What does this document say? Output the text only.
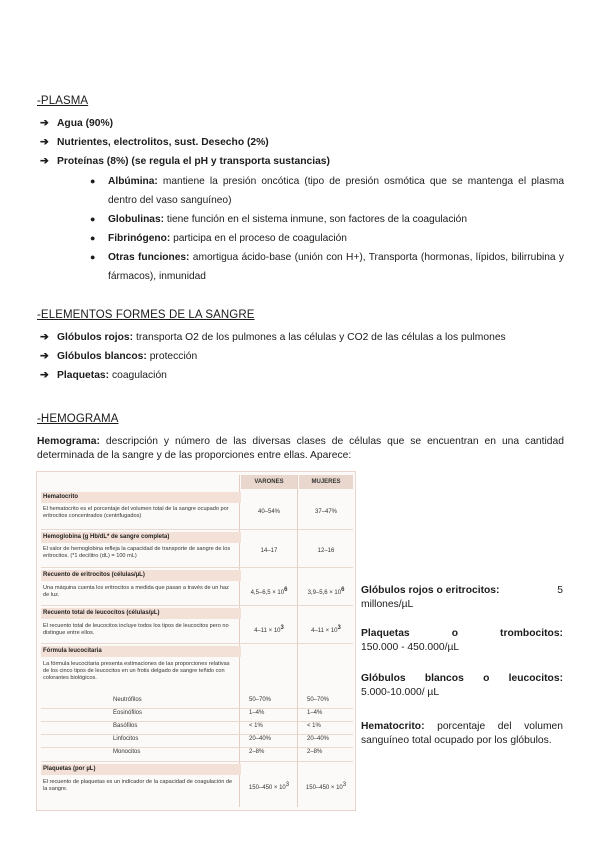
-PLASMA
➔ Agua (90%)
➔ Nutrientes, electrolitos, sust. Desecho (2%)
➔ Proteínas (8%) (se regula el pH y transporta sustancias)
●	Albúmina: mantiene la presión oncótica (tipo de presión osmótica que se mantenga el plasma dentro del vaso sanguíneo)
●	Globulinas: tiene función en el sistema inmune, son factores de la coagulación
●	Fibrinógeno: participa en el proceso de coagulación
●	Otras funciones: amortigua ácido-base (unión con H+), Transporta (hormonas, lípidos, bilirrubina y fármacos), inmunidad
-ELEMENTOS FORMES DE LA SANGRE
➔ Glóbulos rojos: transporta O2 de los pulmones a las células y CO2 de las células a los pulmones
➔ Glóbulos blancos: protección
➔ Plaquetas: coagulación
-HEMOGRAMA
Hemograma: descripción y número de las diversas clases de células que se encuentran en una cantidad determinada de la sangre y de las proporciones entre ellas. Aparece:
VARONES	MUJERES
Hematocrito
El hematocrito es el porcentaje del volumen total de la sangre ocupado por eritrocitos concentrados (centrifugados)
40–54%	37–47%
Hemoglobina (g Hb/dL* de sangre completa)
El valor de hemoglobina refleja la capacidad de transporte de sangre de los eritrocitos. (*1 decilitro (dL) = 100 mL)
14–17	12–16
Recuento de eritrocitos (células/µL)
Una máquina cuenta los eritrocitos a medida que pasan a través de un haz de luz.	4,5–6,5 × 106	3,9–5,6 × 106
Recuento total de leucocitos (células/µL)
El recuento total de leucocitos incluye todos los tipos de leucocitos pero no distingue entre ellos.	4–11 × 103	4–11 × 103
Fórmula leucocitaria
La fórmula leucocitaria presenta estimaciones de las proporciones relativas de los cinco tipos de leucocitos en un frotis delgado de sangre teñido con colorantes biológicos.
Neutrófilos	50–70%	50–70%
Eosinófilos	1–4%	1–4%
Basófilos	< 1%	< 1%
Linfocitos	20–40%	20–40%
Monocitos	2–8%	2–8%
Plaquetas (por µL)
El recuento de plaquetas es un indicador de la capacidad de coagulación de la sangre.	150–450 × 103	150–450 × 103
Glóbulos rojos o eritrocitos:	5
millones/µL
Plaquetas	o	trombocitos:
150.000 - 450.000/µL
Glóbulos blancos o leucocitos:
5.000-10.000/ µL
Hematocrito: porcentaje del volumen sanguíneo total ocupado por los glóbulos.
